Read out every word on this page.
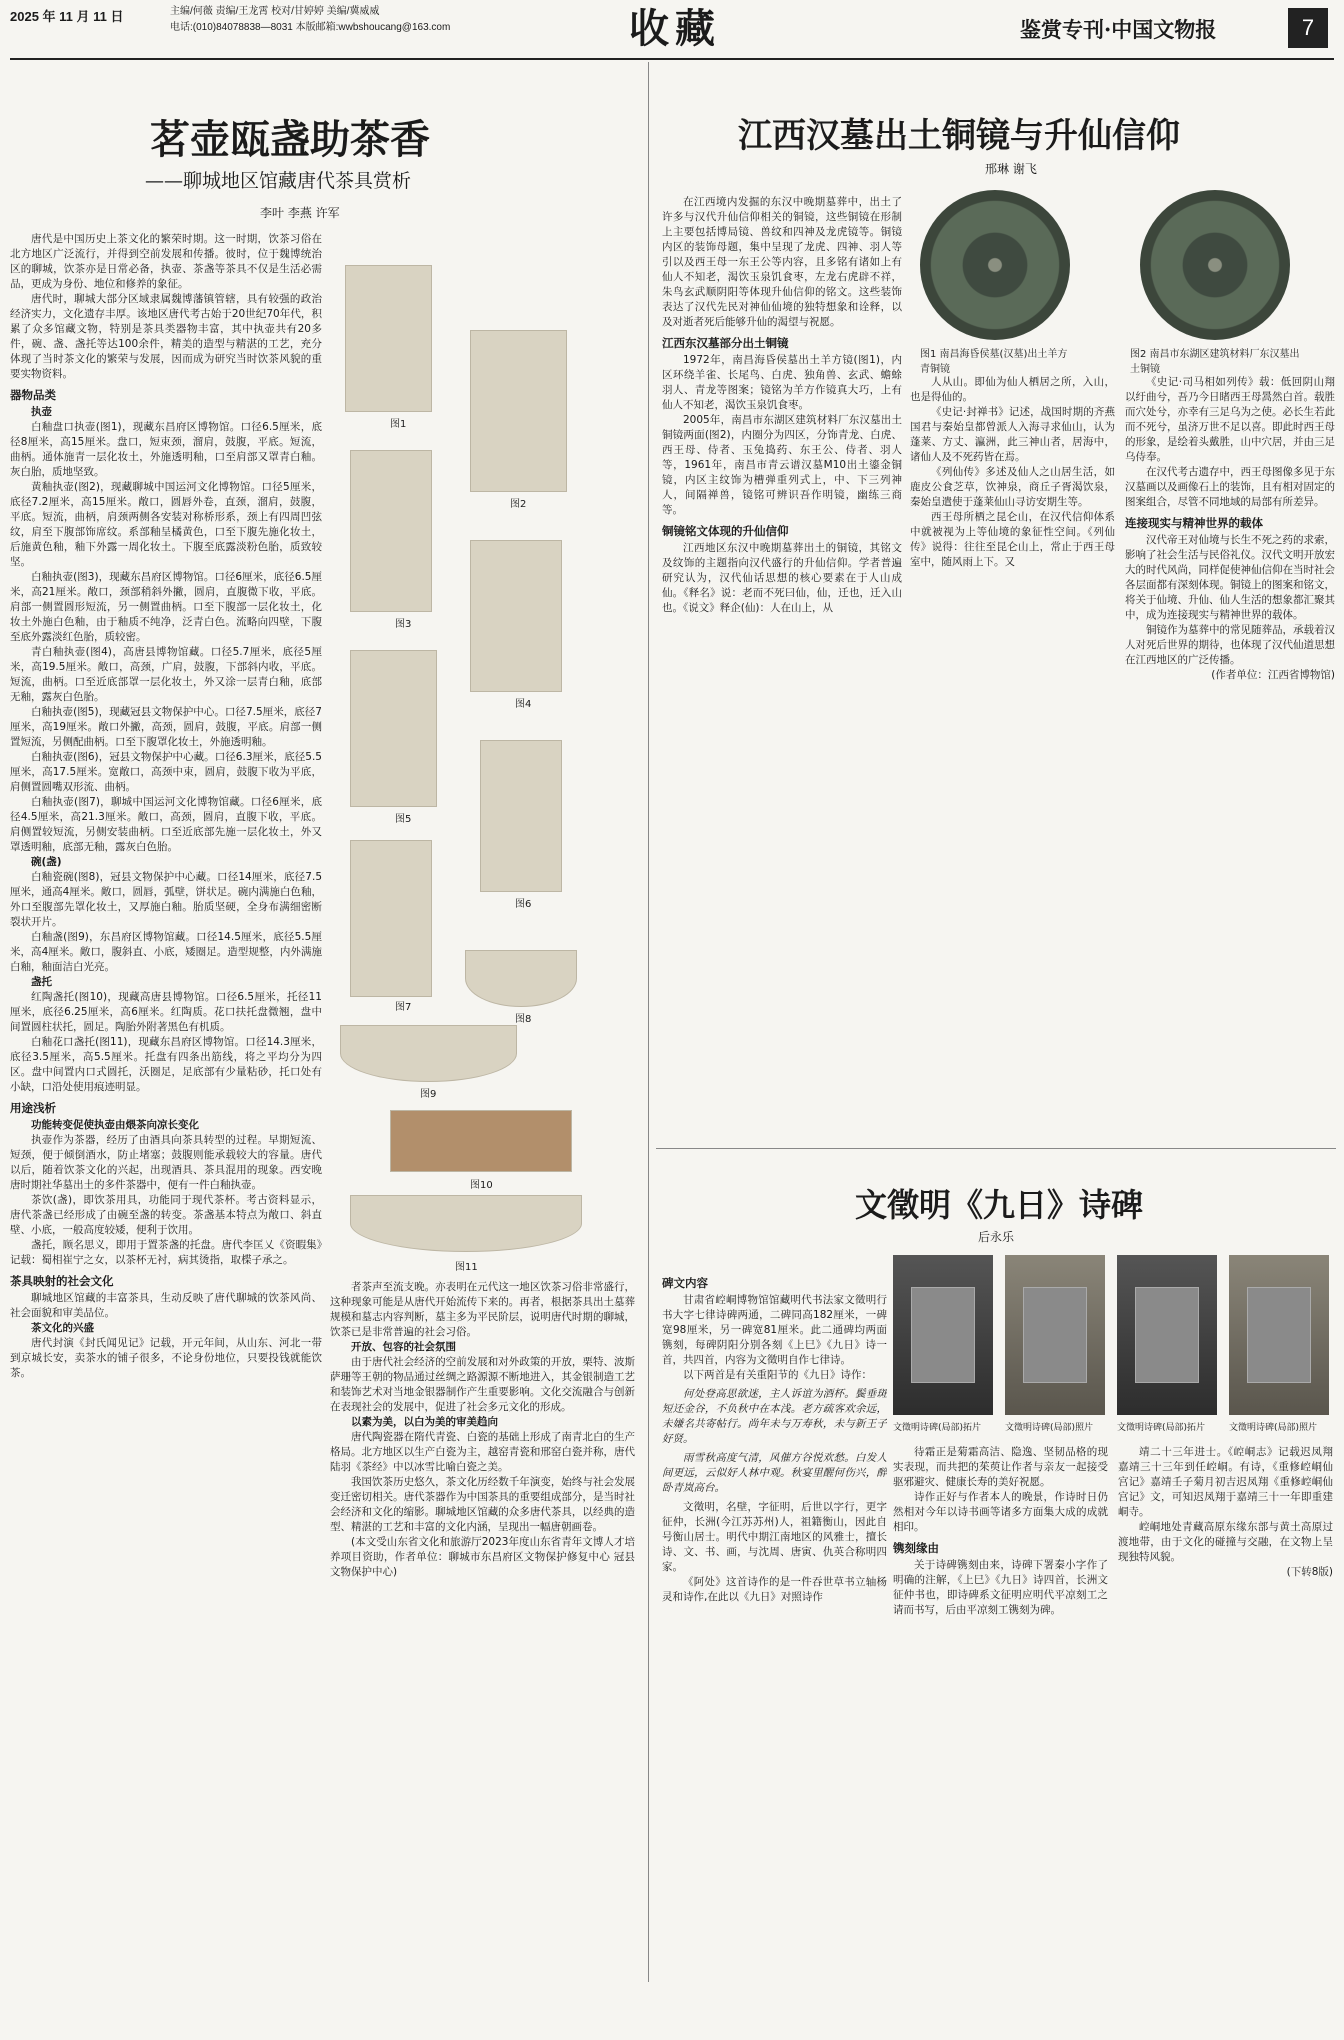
2025 年 11 月 11 日	主编/何薇 责编/王龙霄 校对/甘婷婷 美编/冀威威
电话:(010)84078838—8031 本版邮箱:wwbshoucang@163.com	收藏	鉴赏专刊·中国文物报	7
茗壶瓯盏助茶香
——聊城地区馆藏唐代茶具赏析
李叶 李燕 许军

唐代是中国历史上茶文化的繁荣时期。这一时期，饮茶习俗在北方地区广泛流行，并得到空前发展和传播。彼时，位于魏博统治区的聊城，饮茶亦是日常必备，执壶、茶盏等茶具不仅是生活必需品，更成为身份、地位和修养的象征。

唐代时，聊城大部分区域隶属魏博藩镇管辖，具有较强的政治经济实力，文化遗存丰厚。该地区唐代考古始于20世纪70年代，积累了众多馆藏文物，特别是茶具类器物丰富，其中执壶共有20多件，碗、盏、盏托等达100余件，精美的造型与精湛的工艺，充分体现了当时茶文化的繁荣与发展，因而成为研究当时饮茶风貌的重要实物资料。

器物品类

执壶

白釉盘口执壶(图1)，现藏东昌府区博物馆。口径6.5厘米，底径8厘米，高15厘米。盘口，短束颈，溜肩，鼓腹，平底。短流，曲柄。通体施青一层化妆土，外施透明釉，口至肩部又罩青白釉。灰白胎，质地坚致。

黄釉执壶(图2)，现藏聊城中国运河文化博物馆。口径5厘米，底径7.2厘米，高15厘米。敞口，圆唇外卷，直颈，溜肩，鼓腹，平底。短流，曲柄，肩颈两侧各安装对称桥形系，颈上有四周凹弦纹，肩至下腹部饰席纹。系部釉呈橘黄色，口至下腹先施化妆土，后施黄色釉，釉下外露一周化妆土。下腹至底露淡粉色胎，质致较坚。

白釉执壶(图3)，现藏东昌府区博物馆。口径6厘米，底径6.5厘米，高21厘米。敞口，颈部稍斜外撇，圆肩，直腹微下收，平底。肩部一侧置圆形短流，另一侧置曲柄。口至下腹部一层化妆土，化妆土外施白色釉，由于釉质不纯净，泛青白色。流略向四壁，下腹至底外露淡红色胎，质较密。

青白釉执壶(图4)，高唐县博物馆藏。口径5.7厘米，底径5厘米，高19.5厘米。敞口，高颈，广肩，鼓腹，下部斜内收，平底。短流，曲柄。口至近底部罩一层化妆土，外又涂一层青白釉，底部无釉，露灰白色胎。

白釉执壶(图5)，现藏冠县文物保护中心。口径7.5厘米，底径7厘米，高19厘米。敞口外撇，高颈，圆肩，鼓腹，平底。肩部一侧置短流，另侧配曲柄。口至下腹罩化妆土，外施透明釉。

白釉执壶(图6)，冠县文物保护中心藏。口径6.3厘米，底径5.5厘米，高17.5厘米。宽敞口，高颈中束，圆肩，鼓腹下收为平底，肩侧置圆嘴双形流、曲柄。

白釉执壶(图7)，聊城中国运河文化博物馆藏。口径6厘米，底径4.5厘米，高21.3厘米。敞口，高颈，圆肩，直腹下收，平底。肩侧置较短流，另侧安装曲柄。口至近底部先施一层化妆土，外又罩透明釉，底部无釉，露灰白色胎。

碗(盏)

白釉瓷碗(图8)，冠县文物保护中心藏。口径14厘米，底径7.5厘米，通高4厘米。敞口，圆唇，弧壁，饼状足。碗内满施白色釉，外口至腹部先罩化妆土，又厚施白釉。胎质坚硬，全身布满细密断裂状开片。

白釉盏(图9)，东昌府区博物馆藏。口径14.5厘米，底径5.5厘米，高4厘米。敞口，腹斜直、小底，矮圈足。造型规整，内外满施白釉，釉面洁白光亮。

盏托

红陶盏托(图10)，现藏高唐县博物馆。口径6.5厘米，托径11厘米，底径6.25厘米，高6厘米。红陶质。花口扶托盘微翘，盘中间置圆柱状托，圆足。陶胎外附著黑色有机质。

白釉花口盏托(图11)，现藏东昌府区博物馆。口径14.3厘米，底径3.5厘米，高5.5厘米。托盘有四条出筋线，将之平均分为四区。盘中间置内口式圆托，沃圈足，足底部有少量粘砂，托口处有小缺，口沿处使用痕迹明显。

用途浅析

功能转变促使执壶由煨茶向凉长变化

执壶作为茶器，经历了由酒具向茶具转型的过程。早期短流、短颈，便于倾倒酒水，防止堵塞；鼓腹则能承载较大的容量。唐代以后，随着饮茶文化的兴起，出现酒具、茶具混用的现象。西安晚唐时期社华墓出土的多件茶器中，便有一件白釉执壶。

茶饮(盏)，即饮茶用具，功能同于现代茶杯。考古资料显示，唐代茶盏已经形成了由碗至盏的转变。茶盏基本特点为敞口、斜直壁、小底，一般高度较矮，便利于饮用。

盏托，顾名思义，即用于置茶盏的托盘。唐代李匡乂《资暇集》记载：蜀相崔宁之女，以茶杯无衬，病其烫指，取楪子承之。

茶具映射的社会文化

聊城地区馆藏的丰富茶具，生动反映了唐代聊城的饮茶风尚、社会面貌和审美品位。

茶文化的兴盛

唐代封演《封氏闻见记》记载，开元年间，从山东、河北一带到京城长安，卖茶水的铺子很多，不论身份地位，只要投钱就能饮茶。

图1
图2
图3
图4
图5
图6
图7
图8
图9
图10
图11

者茶声至流支晚。亦表明在元代这一地区饮茶习俗非常盛行，这种现象可能是从唐代开始流传下来的。再者，根据茶具出土墓葬规模和墓志内容判断，墓主多为平民阶层，说明唐代时期的聊城，饮茶已是非常普遍的社会习俗。

开放、包容的社会氛围

由于唐代社会经济的空前发展和对外政策的开放，栗特、波斯萨珊等王朝的物品通过丝绸之路源源不断地进入，其金银制造工艺和装饰艺术对当地金银器制作产生重要影响。文化交流融合与创新在表现社会的发展中，促进了社会多元文化的形成。

以素为美，以白为美的审美趋向

唐代陶瓷器在隋代青瓷、白瓷的基础上形成了南青北白的生产格局。北方地区以生产白瓷为主，越窑青瓷和邢窑白瓷并称，唐代陆羽《茶经》中以冰雪比喻白瓷之美。

我国饮茶历史悠久，茶文化历经数千年演变，始终与社会发展变迁密切相关。唐代茶器作为中国茶具的重要组成部分，是当时社会经济和文化的缩影。聊城地区馆藏的众多唐代茶具，以经典的造型、精湛的工艺和丰富的文化内涵，呈现出一幅唐朝画卷。

(本文受山东省文化和旅游厅2023年度山东省青年文博人才培养项目资助，作者单位：聊城市东昌府区文物保护修复中心 冠县文物保护中心)

江西汉墓出土铜镜与升仙信仰
邢琳 谢飞

在江西境内发掘的东汉中晚期墓葬中，出土了许多与汉代升仙信仰相关的铜镜，这些铜镜在形制上主要包括博局镜、兽纹和四神及龙虎镜等。铜镜内区的装饰母题，集中呈现了龙虎、四神、羽人等引以及西王母一东王公等内容，且多铭有诸如上有仙人不知老，渴饮玉泉饥食枣，左龙右虎辟不祥，朱鸟玄武顺阴阳等体现升仙信仰的铭文。这些装饰表达了汉代先民对神仙仙境的独特想象和诠释，以及对逝者死后能够升仙的渴望与祝愿。

江西东汉墓部分出土铜镜

1972年，南昌海昏侯墓出土羊方镜(图1)，内区环绕羊雀、长尾鸟、白虎、独角兽、玄武、蟾蜍羽人、青龙等图案；镜铭为羊方作镜真大巧，上有仙人不知老，渴饮玉泉饥食枣。

2005年，南昌市东湖区建筑材料厂东汉墓出土铜镜两面(图2)，内圈分为四区，分饰青龙、白虎、西王母、侍者、玉兔捣药、东王公、侍者、羽人等，1961年，南昌市青云谱汉墓M10出土鎏金铜镜，内区主纹饰为槽弹重列式上，中、下三列神人，间隔禅兽，镜铭可辨识吾作明镜，幽练三商等。

铜镜铭文体现的升仙信仰

江西地区东汉中晚期墓葬出土的铜镜，其铭文及纹饰的主题指向汉代盛行的升仙信仰。学者普遍研究认为，汉代仙话思想的核心要素在于人山成仙。《释名》说：老而不死曰仙，仙，迁也，迁入山也。《说文》释企(仙)：人在山上，从

图1 南昌海昏侯墓(汉墓)出土羊方青铜镜
图2 南昌市东湖区建筑材料厂东汉墓出土铜镜

人从山。即仙为仙人栖居之所，入山，也是得仙的。

《史记·封禅书》记述，战国时期的齐燕国君与秦始皇都曾派人入海寻求仙山，认为蓬莱、方丈、瀛洲，此三神山者，居海中，诸仙人及不死药皆在焉。

《列仙传》多述及仙人之山居生活，如鹿皮公食芝草，饮神泉，商丘子胥渴饮泉，秦始皇遣使于蓬莱仙山寻访安期生等。

西王母所栖之昆仑山，在汉代信仰体系中就被视为上等仙境的象征性空间。《列仙传》说得：往往至昆仑山上，常止于西王母室中，随风雨上下。又

《史记·司马相如列传》载：低回阴山翔以纡曲兮，吾乃今日睹西王母暠然白首。载胜而穴处兮，亦幸有三足乌为之使。必长生若此而不死兮，虽济万世不足以喜。即此时西王母的形象，是绘着头戴胜，山中穴居，并由三足乌侍奉。

在汉代考古遗存中，西王母图像多见于东汉墓画以及画像石上的装饰，且有相对固定的图案组合，尽管不同地域的局部有所差异。

连接现实与精神世界的载体

汉代帝王对仙境与长生不死之药的求索，影响了社会生活与民俗礼仪。汉代文明开放宏大的时代风尚，同样促使神仙信仰在当时社会各层面都有深刻体现。铜镜上的图案和铭文，将关于仙境、升仙、仙人生活的想象都汇聚其中，成为连接现实与精神世界的载体。

铜镜作为墓葬中的常见随葬品，承载着汉人对死后世界的期待，也体现了汉代仙道思想在江西地区的广泛传播。

(作者单位：江西省博物馆)

文徵明《九日》诗碑
后永乐
碑文内容

甘肃省崆峒博物馆馆藏明代书法家文徵明行书大字七律诗碑两通，二碑同高182厘米，一碑宽98厘米，另一碑宽81厘米。此二通碑均两面镌刻，每碑阴阳分别各刻《上巳》《九日》诗一首，共四首，内容为文徵明自作七律诗。

以下两首是有关重阳节的《九日》诗作：

何处登高思欲迷，主人诉谊为酒杯。鬓垂斑短还金谷，不负秋中在本浅。老方疏客欢余远，未嫌名共寄帖行。尚年未与万寿秋，未与新王子好贤。

雨雪秋高度气清，风催方谷悦欢愁。白发人间更远，云似好人林中观。秋宴里醒何伤兴，醉卧青岚高台。

文徵明，名壁，字征明，后世以字行，更字征仲，长洲(今江苏苏州)人，祖籍衡山，因此自号衡山居士。明代中期江南地区的风雅士，擅长诗、文、书、画，与沈周、唐寅、仇英合称明四家。

《阿处》这首诗作的是一件吞世草书立轴杨灵和诗作,在此以《九日》对照诗作

文徵明诗碑(局部)拓片	文徵明诗碑(局部)照片	文徵明诗碑(局部)拓片	文徵明诗碑(局部)照片

待霜正是菊霜高洁、隐逸、坚韧品格的现实表现，而共把的茱萸让作者与亲友一起接受驱邪避灾、健康长寿的美好祝愿。

诗作正好与作者本人的晚景，作诗时日仍然相对今年以诗书画等诸多方面集大成的成就相印。

镌刻缘由

关于诗碑镌刻由来，诗碑下署秦小字作了明确的注解，《上巳》《九日》诗四首，长洲文征仲书也，即诗碑系文征明应明代平凉刻工之请而书写，后由平凉刻工镌刻为碑。

靖二十三年进士。《崆峒志》记载迟凤翔嘉靖三十三年到任崆峒。有诗，《重修崆峒仙宫记》嘉靖壬子菊月初吉迟凤翔《重修崆峒仙宫记》文，可知迟凤翔于嘉靖三十一年即重建峒寺。

崆峒地处青藏高原东缘东部与黄土高原过渡地带，由于文化的碰撞与交融，在文物上呈现独特风貌。

(下转8版)
